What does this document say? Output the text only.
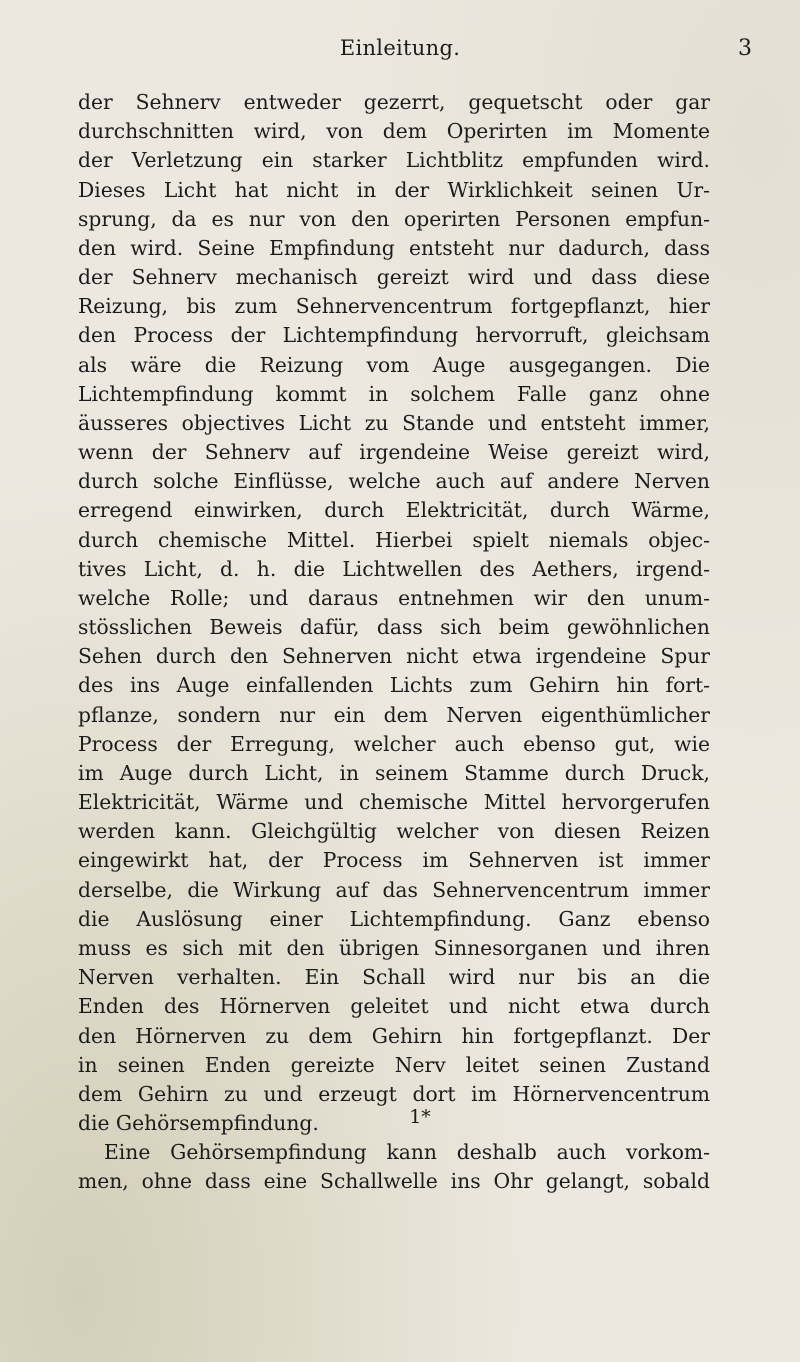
Einleitung.	3
der Sehnerv entweder gezerrt, gequetscht oder gar
durchschnitten wird, von dem Operirten im Momente
der Verletzung ein starker Lichtblitz empfunden wird.
Dieses Licht hat nicht in der Wirklichkeit seinen Ur-
sprung, da es nur von den operirten Personen empfun-
den wird. Seine Empfindung entsteht nur dadurch, dass
der Sehnerv mechanisch gereizt wird und dass diese
Reizung, bis zum Sehnervencentrum fortgepflanzt, hier
den Process der Lichtempfindung hervorruft, gleichsam
als wäre die Reizung vom Auge ausgegangen. Die
Lichtempfindung kommt in solchem Falle ganz ohne
äusseres objectives Licht zu Stande und entsteht immer,
wenn der Sehnerv auf irgendeine Weise gereizt wird,
durch solche Einflüsse, welche auch auf andere Nerven
erregend einwirken, durch Elektricität, durch Wärme,
durch chemische Mittel. Hierbei spielt niemals objec-
tives Licht, d. h. die Lichtwellen des Aethers, irgend-
welche Rolle; und daraus entnehmen wir den unum-
stösslichen Beweis dafür, dass sich beim gewöhnlichen
Sehen durch den Sehnerven nicht etwa irgendeine Spur
des ins Auge einfallenden Lichts zum Gehirn hin fort-
pflanze, sondern nur ein dem Nerven eigenthümlicher
Process der Erregung, welcher auch ebenso gut, wie
im Auge durch Licht, in seinem Stamme durch Druck,
Elektricität, Wärme und chemische Mittel hervorgerufen
werden kann. Gleichgültig welcher von diesen Reizen
eingewirkt hat, der Process im Sehnerven ist immer
derselbe, die Wirkung auf das Sehnervencentrum immer
die Auslösung einer Lichtempfindung. Ganz ebenso
muss es sich mit den übrigen Sinnesorganen und ihren
Nerven verhalten. Ein Schall wird nur bis an die
Enden des Hörnerven geleitet und nicht etwa durch
den Hörnerven zu dem Gehirn hin fortgepflanzt. Der
in seinen Enden gereizte Nerv leitet seinen Zustand
dem Gehirn zu und erzeugt dort im Hörnervencentrum
die Gehörsempfindung.
Eine Gehörsempfindung kann deshalb auch vorkom-
men, ohne dass eine Schallwelle ins Ohr gelangt, sobald
1*
